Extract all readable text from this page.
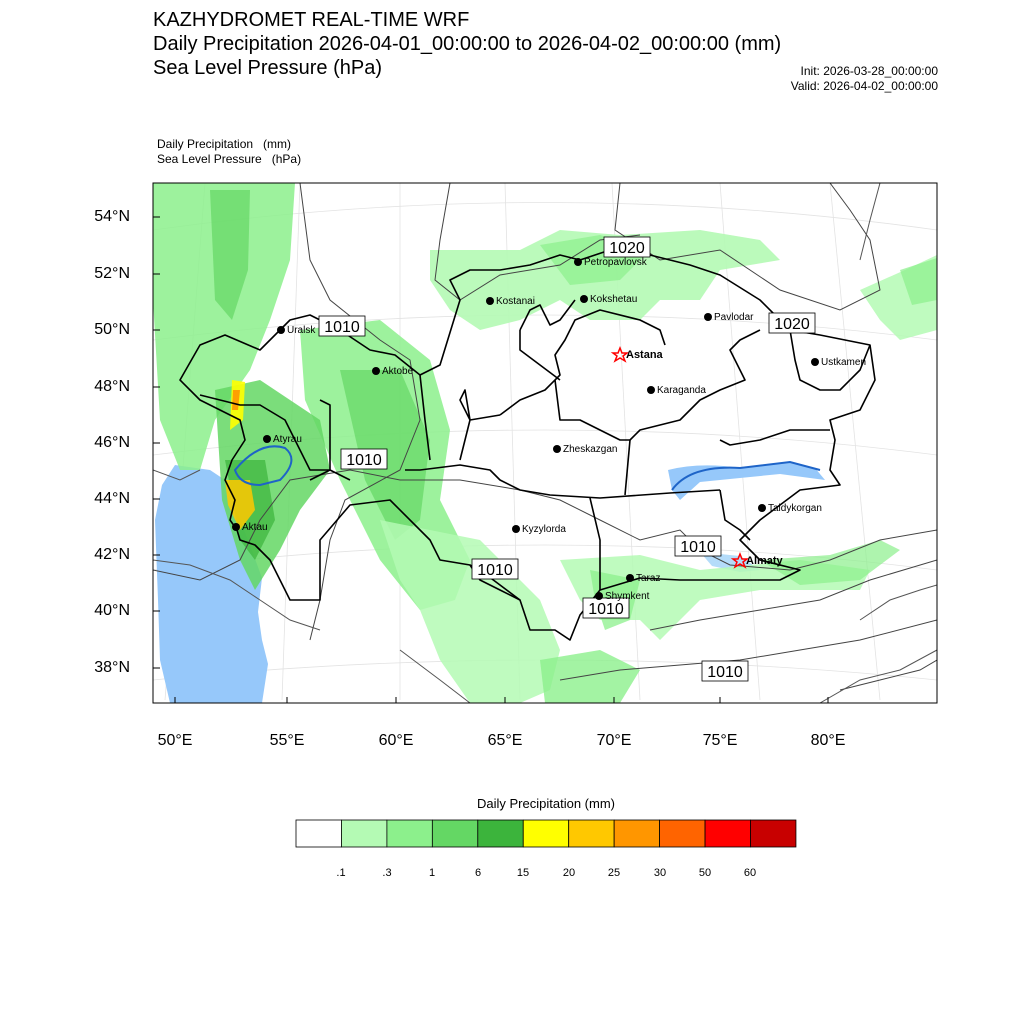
KAZHYDROMET REAL-TIME WRF
Daily Precipitation 2026-04-01_00:00:00 to 2026-04-02_00:00:00 (mm)
Sea Level Pressure (hPa)	Init: 2026-03-28_00:00:00
Valid: 2026-04-02_00:00:00
Daily Precipitation   (mm)
Sea Level Pressure   (hPa)
1020
1010	1020
1010
1010
1010
1010
1010
Petropavlovsk
Kostanai	Kokshetau
Pavlodar
Uralsk
Astana
Ustkamen
Aktobe
Karaganda
Atyrau
Zheskazgan
Taldykorgan
Aktau	Kyzylorda
Almaty
Taraz
Shymkent
54°N
52°N
50°N
48°N
46°N
44°N
42°N
40°N
38°N
50°E	55°E	60°E	65°E	70°E	75°E	80°E
Daily Precipitation (mm)
.1	.3	1	6	15	20	25	30	50	60
